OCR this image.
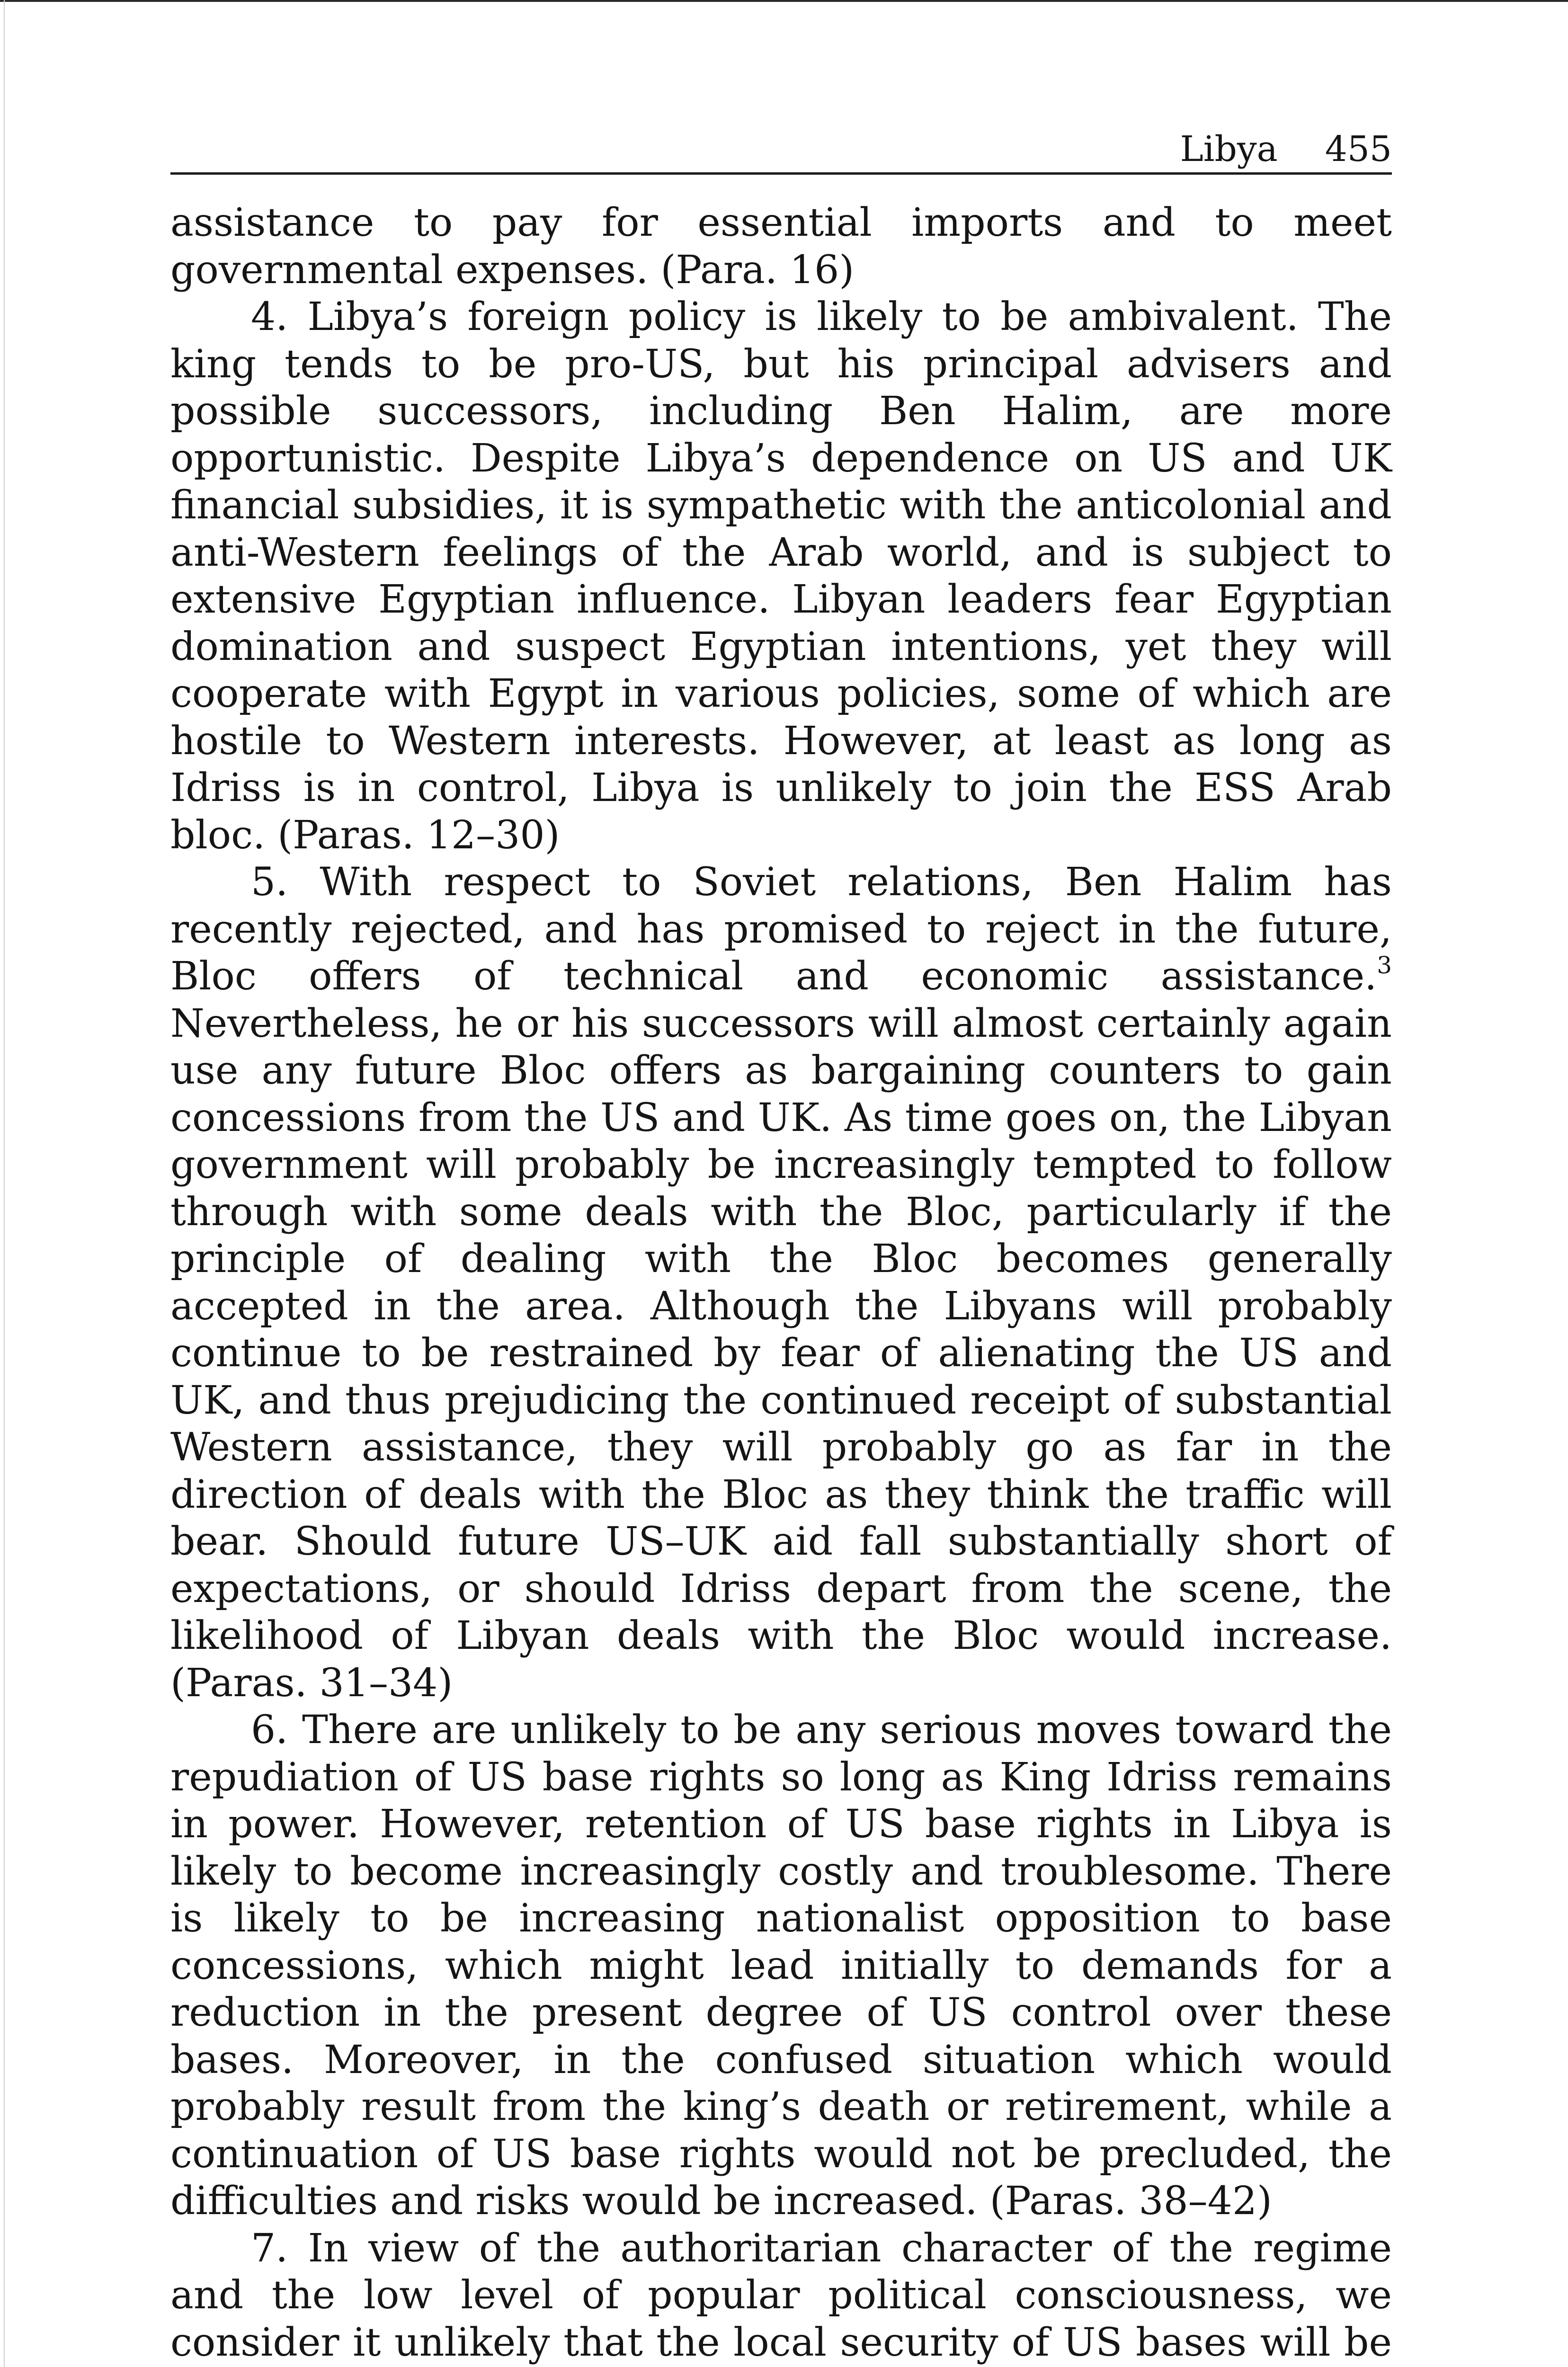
Libya 455

assistance to pay for essential imports and to meet governmental expenses. (Para. 16)

4. Libya’s foreign policy is likely to be ambivalent. The king tends to be pro-US, but his principal advisers and possible successors, including Ben Halim, are more opportunistic. Despite Libya’s dependence on US and UK financial subsidies, it is sympathetic with the anticolonial and anti-Western feelings of the Arab world, and is subject to extensive Egyptian influence. Libyan leaders fear Egyptian domination and suspect Egyptian intentions, yet they will cooperate with Egypt in various policies, some of which are hostile to Western interests. However, at least as long as Idriss is in control, Libya is unlikely to join the ESS Arab bloc. (Paras. 12–30)

5. With respect to Soviet relations, Ben Halim has recently rejected, and has promised to reject in the future, Bloc offers of technical and economic assistance.$^3$ Nevertheless, he or his successors will almost certainly again use any future Bloc offers as bargaining counters to gain concessions from the US and UK. As time goes on, the Libyan government will probably be increasingly tempted to follow through with some deals with the Bloc, particularly if the principle of dealing with the Bloc becomes generally accepted in the area. Although the Libyans will probably continue to be restrained by fear of alienating the US and UK, and thus prejudicing the continued receipt of substantial Western assistance, they will probably go as far in the direction of deals with the Bloc as they think the traffic will bear. Should future US–UK aid fall substantially short of expectations, or should Idriss depart from the scene, the likelihood of Libyan deals with the Bloc would increase. (Paras. 31–34)

6. There are unlikely to be any serious moves toward the repudiation of US base rights so long as King Idriss remains in power. However, retention of US base rights in Libya is likely to become increasingly costly and troublesome. There is likely to be increasing nationalist opposition to base concessions, which might lead initially to demands for a reduction in the present degree of US control over these bases. Moreover, in the confused situation which would probably result from the king’s death or retirement, while a continuation of US base rights would not be precluded, the difficulties and risks would be increased. (Paras. 38–42)

7. In view of the authoritarian character of the regime and the low level of popular political consciousness, we consider it unlikely that the local security of US bases will be
